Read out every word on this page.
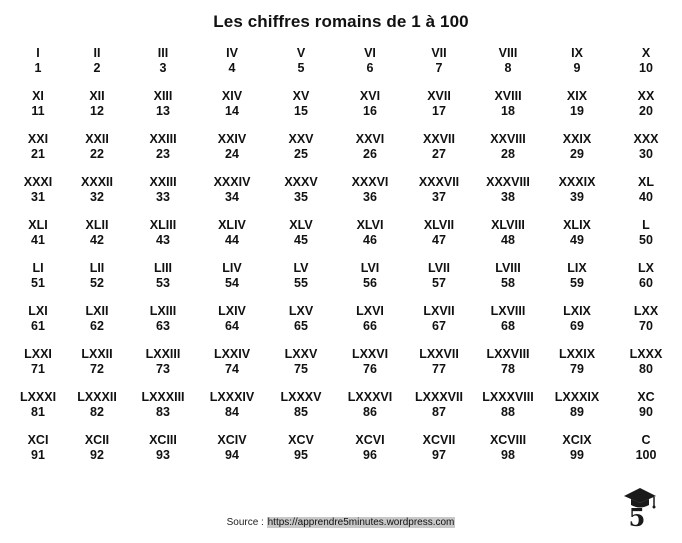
Les chiffres romains de 1 à 100
I
1
II
2
III
3
IV
4
V
5
VI
6
VII
7
VIII
8
IX
9
X
10
XI
11
XII
12
XIII
13
XIV
14
XV
15
XVI
16
XVII
17
XVIII
18
XIX
19
XX
20
XXI
21
XXII
22
XXIII
23
XXIV
24
XXV
25
XXVI
26
XXVII
27
XXVIII
28
XXIX
29
XXX
30
XXXI
31
XXXII
32
XXIII
33
XXXIV
34
XXXV
35
XXXVI
36
XXXVII
37
XXXVIII
38
XXXIX
39
XL
40
XLI
41
XLII
42
XLIII
43
XLIV
44
XLV
45
XLVI
46
XLVII
47
XLVIII
48
XLIX
49
L
50
LI
51
LII
52
LIII
53
LIV
54
LV
55
LVI
56
LVII
57
LVIII
58
LIX
59
LX
60
LXI
61
LXII
62
LXIII
63
LXIV
64
LXV
65
LXVI
66
LXVII
67
LXVIII
68
LXIX
69
LXX
70
LXXI
71
LXXII
72
LXXIII
73
LXXIV
74
LXXV
75
LXXVI
76
LXXVII
77
LXXVIII
78
LXXIX
79
LXXX
80
LXXXI
81
LXXXII
82
LXXXIII
83
LXXXIV
84
LXXXV
85
LXXXVI
86
LXXXVII
87
LXXXVIII
88
LXXXIX
89
XC
90
XCI
91
XCII
92
XCIII
93
XCIV
94
XCV
95
XCVI
96
XCVII
97
XCVIII
98
XCIX
99
C
100
Source : https://apprendre5minutes.wordpress.com	5
